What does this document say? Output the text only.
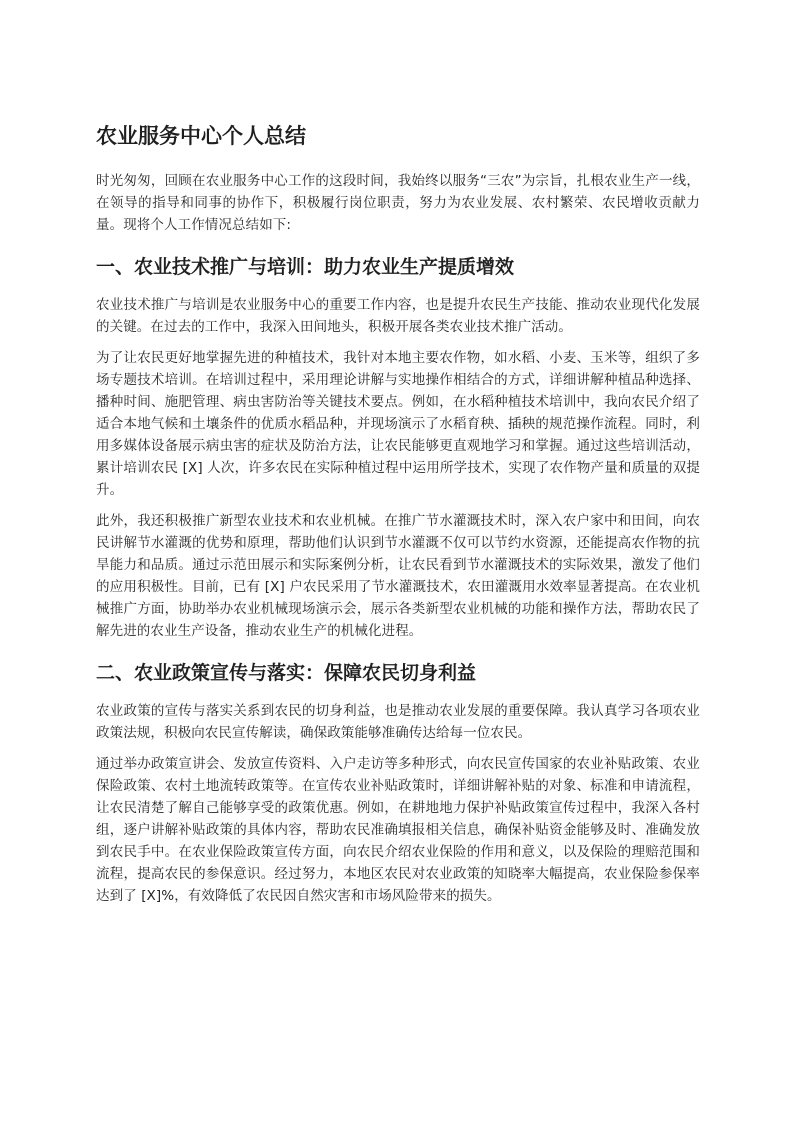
农业服务中心个人总结

时光匆匆，回顾在农业服务中心工作的这段时间，我始终以服务“三农”为宗旨，扎根农业生产一线，在领导的指导和同事的协作下，积极履行岗位职责，努力为农业发展、农村繁荣、农民增收贡献力量。现将个人工作情况总结如下:

一、农业技术推广与培训：助力农业生产提质增效

农业技术推广与培训是农业服务中心的重要工作内容，也是提升农民生产技能、推动农业现代化发展的关键。在过去的工作中，我深入田间地头，积极开展各类农业技术推广活动。

为了让农民更好地掌握先进的种植技术，我针对本地主要农作物，如水稻、小麦、玉米等，组织了多场专题技术培训。在培训过程中，采用理论讲解与实地操作相结合的方式，详细讲解种植品种选择、播种时间、施肥管理、病虫害防治等关键技术要点。例如，在水稻种植技术培训中，我向农民介绍了适合本地气候和土壤条件的优质水稻品种，并现场演示了水稻育秧、插秧的规范操作流程。同时，利用多媒体设备展示病虫害的症状及防治方法，让农民能够更直观地学习和掌握。通过这些培训活动，累计培训农民 [X] 人次，许多农民在实际种植过程中运用所学技术，实现了农作物产量和质量的双提升。

此外，我还积极推广新型农业技术和农业机械。在推广节水灌溉技术时，深入农户家中和田间，向农民讲解节水灌溉的优势和原理，帮助他们认识到节水灌溉不仅可以节约水资源，还能提高农作物的抗旱能力和品质。通过示范田展示和实际案例分析，让农民看到节水灌溉技术的实际效果，激发了他们的应用积极性。目前，已有 [X] 户农民采用了节水灌溉技术，农田灌溉用水效率显著提高。在农业机械推广方面，协助举办农业机械现场演示会，展示各类新型农业机械的功能和操作方法，帮助农民了解先进的农业生产设备，推动农业生产的机械化进程。

二、农业政策宣传与落实：保障农民切身利益

农业政策的宣传与落实关系到农民的切身利益，也是推动农业发展的重要保障。我认真学习各项农业政策法规，积极向农民宣传解读，确保政策能够准确传达给每一位农民。

通过举办政策宣讲会、发放宣传资料、入户走访等多种形式，向农民宣传国家的农业补贴政策、农业保险政策、农村土地流转政策等。在宣传农业补贴政策时，详细讲解补贴的对象、标准和申请流程，让农民清楚了解自己能够享受的政策优惠。例如，在耕地地力保护补贴政策宣传过程中，我深入各村组，逐户讲解补贴政策的具体内容，帮助农民准确填报相关信息，确保补贴资金能够及时、准确发放到农民手中。在农业保险政策宣传方面，向农民介绍农业保险的作用和意义，以及保险的理赔范围和流程，提高农民的参保意识。经过努力，本地区农民对农业政策的知晓率大幅提高，农业保险参保率达到了 [X]%，有效降低了农民因自然灾害和市场风险带来的损失。
